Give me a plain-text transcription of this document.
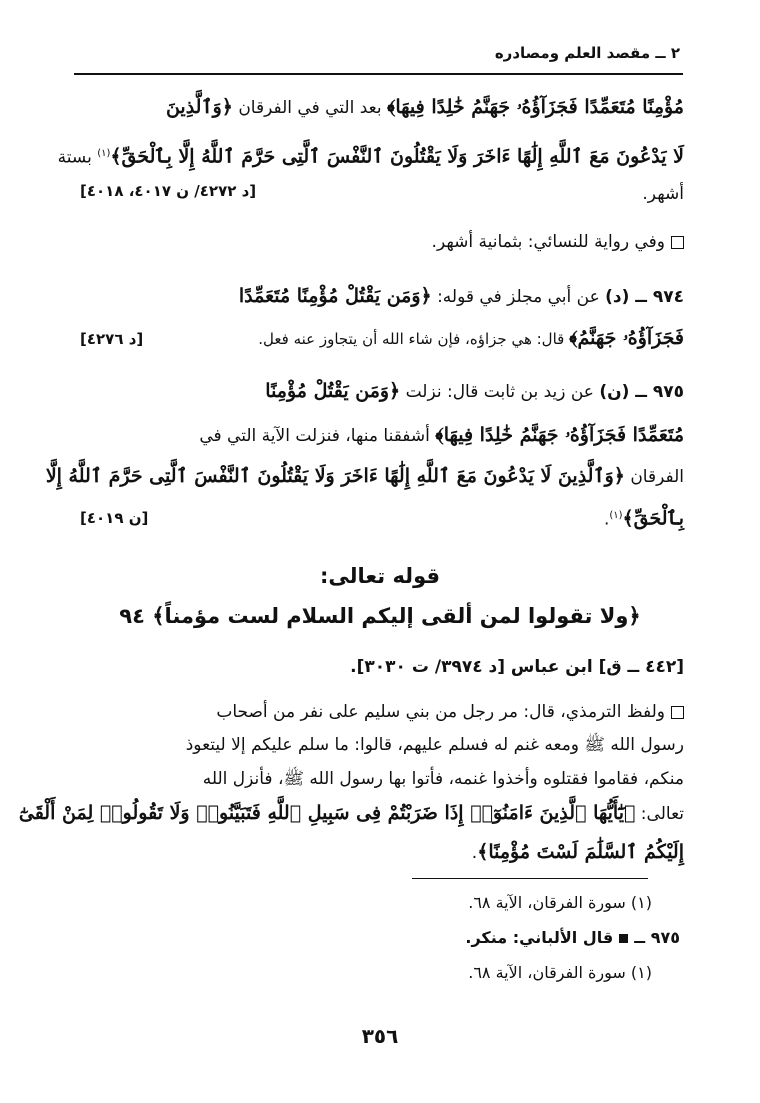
٢ ــ مقصد العلم ومصادره
مُؤْمِنًا مُتَعَمِّدًا فَجَزَآؤُهُۥ جَهَنَّمُ خَٰلِدًا فِيهَا﴾ بعد التي في الفرقان ﴿وَٱلَّذِينَ
لَا يَدْعُونَ مَعَ ٱللَّهِ إِلَٰهًا ءَاخَرَ وَلَا يَقْتُلُونَ ٱلنَّفْسَ ٱلَّتِى حَرَّمَ ٱللَّهُ إِلَّا بِٱلْحَقِّ﴾$^{(١)}$ بستة
أشهر.
[د ٤٢٧٢/ ن ٤٠١٧، ٤٠١٨]
وفي رواية للنسائي: بثمانية أشهر.
٩٧٤ ــ (د) عن أبي مجلز في قوله: ﴿وَمَن يَقْتُلْ مُؤْمِنًا مُتَعَمِّدًا
فَجَزَآؤُهُۥ جَهَنَّمُ﴾ قال: هي جزاؤه، فإن شاء الله أن يتجاوز عنه فعل.
[د ٤٢٧٦]
٩٧٥ ــ (ن) عن زيد بن ثابت قال: نزلت ﴿وَمَن يَقْتُلْ مُؤْمِنًا
مُتَعَمِّدًا فَجَزَآؤُهُۥ جَهَنَّمُ خَٰلِدًا فِيهَا﴾ أشفقنا منها، فنزلت الآية التي في
الفرقان ﴿وَٱلَّذِينَ لَا يَدْعُونَ مَعَ ٱللَّهِ إِلَٰهًا ءَاخَرَ وَلَا يَقْتُلُونَ ٱلنَّفْسَ ٱلَّتِى حَرَّمَ ٱللَّهُ إِلَّا
بِٱلْحَقِّ﴾$^{(١)}$.
[ن ٤٠١٩]
قوله تعالى:
﴿ولا تقولوا لمن ألقى إليكم السلام لست مؤمناً﴾ ٩٤
[٤٤٢ ــ ق] ابن عباس [د ٣٩٧٤/ ت ٣٠٣٠].
ولفظ الترمذي، قال: مر رجل من بني سليم على نفر من أصحاب
رسول الله ﷺ ومعه غنم له فسلم عليهم، قالوا: ما سلم عليكم إلا ليتعوذ
منكم، فقاموا فقتلوه وأخذوا غنمه، فأتوا بها رسول الله ﷺ، فأنزل الله
تعالى: ﴿يَٰٓأَيُّهَا ٱلَّذِينَ ءَامَنُوٓا۟ إِذَا ضَرَبْتُمْ فِى سَبِيلِ ٱللَّهِ فَتَبَيَّنُوا۟ وَلَا تَقُولُوا۟ لِمَنْ أَلْقَىٰٓ
إِلَيْكُمُ ٱلسَّلَٰمَ لَسْتَ مُؤْمِنًا﴾.
(١) سورة الفرقان، الآية ٦٨.
٩٧٥ ــقال الألباني: منكر.
(١) سورة الفرقان، الآية ٦٨.
٣٥٦
